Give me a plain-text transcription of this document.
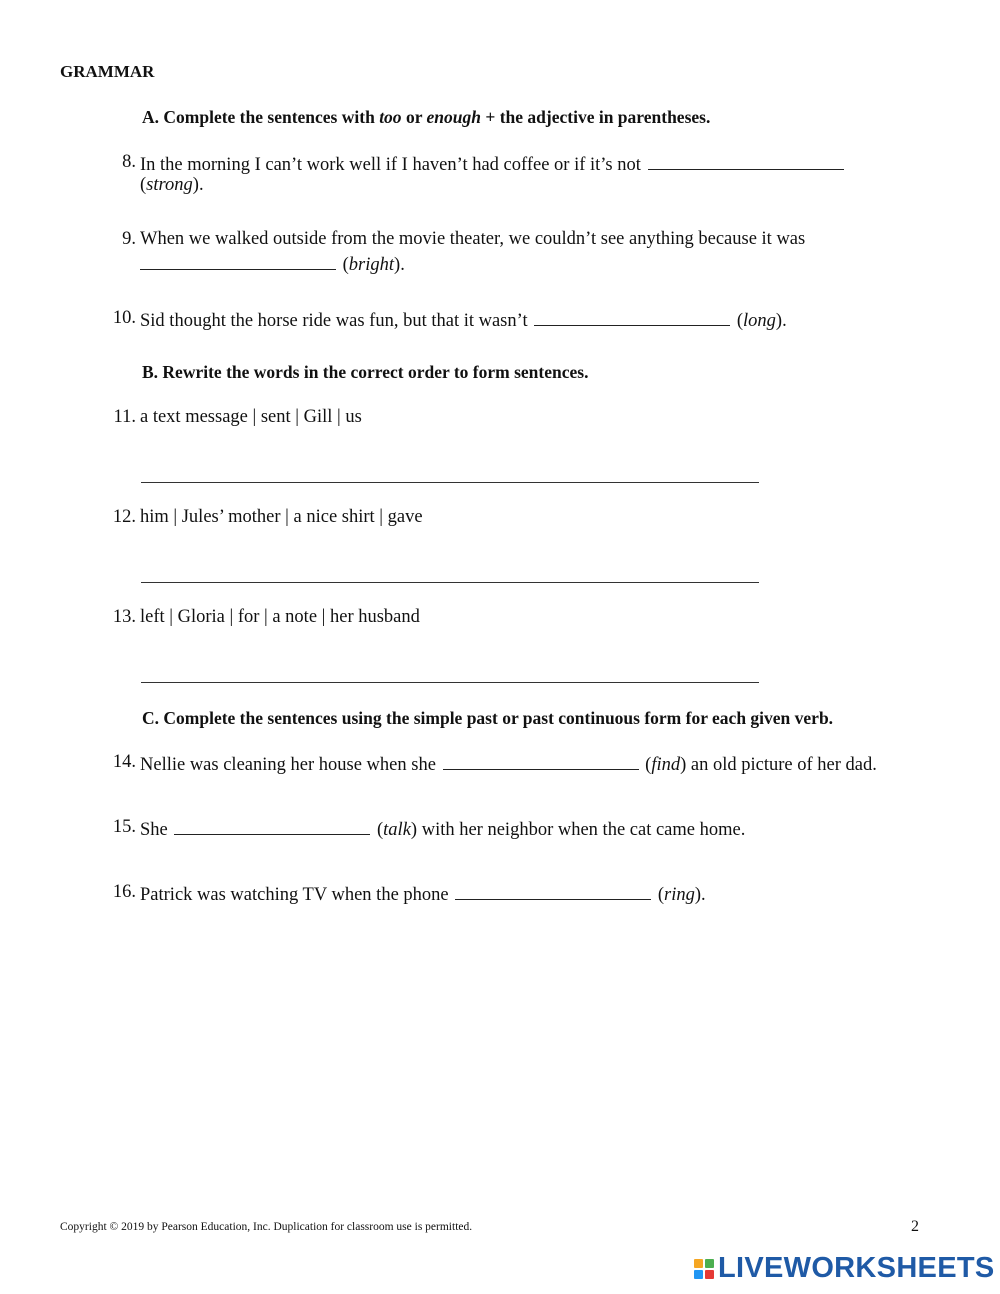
GRAMMAR
A. Complete the sentences with too or enough + the adjective in parentheses.
8. In the morning I can’t work well if I haven’t had coffee or if it’s not
(strong).
9. When we walked outside from the movie theater, we couldn’t see anything because it was
(bright).
10. Sid thought the horse ride was fun, but that it wasn’t	(long).
B. Rewrite the words in the correct order to form sentences.
11. a text message | sent | Gill | us
12. him | Jules’ mother | a nice shirt | gave
13. left | Gloria | for | a note | her husband
C. Complete the sentences using the simple past or past continuous form for each given verb.
14. Nellie was cleaning her house when she	(find) an old picture of her dad.
15. She	(talk) with her neighbor when the cat came home.
16. Patrick was watching TV when the phone	(ring).
Copyright © 2019 by Pearson Education, Inc. Duplication for classroom use is permitted.	2
LIVEWORKSHEETS
